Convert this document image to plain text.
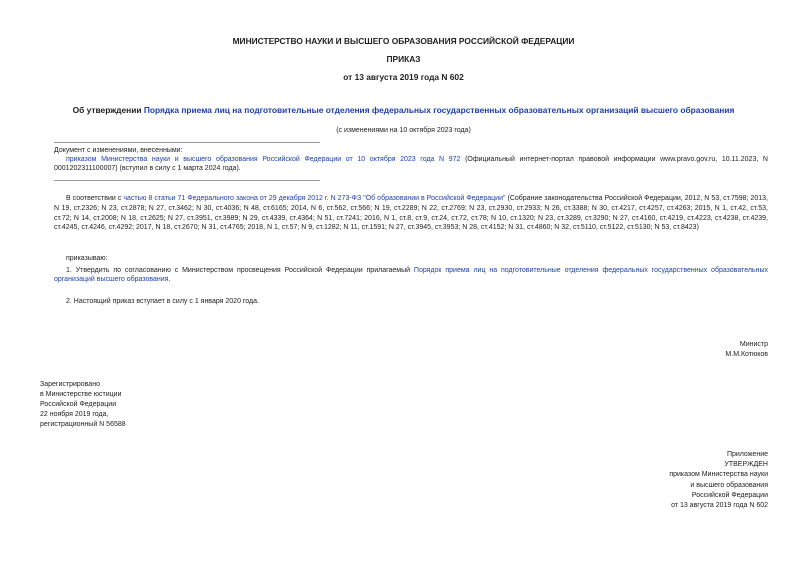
МИНИСТЕРСТВО НАУКИ И ВЫСШЕГО ОБРАЗОВАНИЯ РОССИЙСКОЙ ФЕДЕРАЦИИ
ПРИКАЗ
от 13 августа 2019 года N 602
Об утверждении Порядка приема лиц на подготовительные отделения федеральных государственных образовательных организаций высшего образования
(с изменениями на 10 октября 2023 года)
Документ с изменениями, внесенными:
приказом Министерства науки и высшего образования Российской Федерации от 10 октября 2023 года N 972 (Официальный интернет-портал правовой информации www.pravo.gov.ru, 10.11.2023, N 0001202311100007) (вступил в силу с 1 марта 2024 года).
В соответствии с частью 8 статьи 71 Федерального закона от 29 декабря 2012 г. N 273-ФЗ "Об образовании в Российской Федерации" (Собрание законодательства Российской Федерации, 2012, N 53, ст.7598; 2013, N 19, ст.2326; N 23, ст.2878; N 27, ст.3462; N 30, ст.4036; N 48, ст.6165; 2014, N 6, ст.562, ст.566; N 19, ст.2289; N 22, ст.2769; N 23, ст.2930, ст.2933; N 26, ст.3388; N 30, ст.4217, ст.4257, ст.4263; 2015, N 1, ст.42, ст.53, ст.72; N 14, ст.2008; N 18, ст.2625; N 27, ст.3951, ст.3989; N 29, ст.4339, ст.4364; N 51, ст.7241; 2016, N 1, ст.8, ст.9, ст.24, ст.72, ст.78; N 10, ст.1320; N 23, ст.3289, ст.3290; N 27, ст.4160, ст.4219, ст.4223, ст.4238, ст.4239, ст.4245, ст.4246, ст.4292; 2017, N 18, ст.2670; N 31, ст.4765; 2018, N 1, ст.57; N 9, ст.1282; N 11, ст.1591; N 27, ст.3945, ст.3953; N 28, ст.4152; N 31, ст.4860; N 32, ст.5110, ст.5122, ст.5130; N 53, ст.8423)
приказываю:
1. Утвердить по согласованию с Министерством просвещения Российской Федерации прилагаемый Порядок приема лиц на подготовительные отделения федеральных государственных образовательных организаций высшего образования.
2. Настоящий приказ вступает в силу с 1 января 2020 года.
Министр
М.М.Котюков
Зарегистрировано
в Министерстве юстиции
Российской Федерации
22 ноября 2019 года,
регистрационный N 56588
Приложение
УТВЕРЖДЕН
приказом Министерства науки
и высшего образования
Российской Федерации
от 13 августа 2019 года N 602
